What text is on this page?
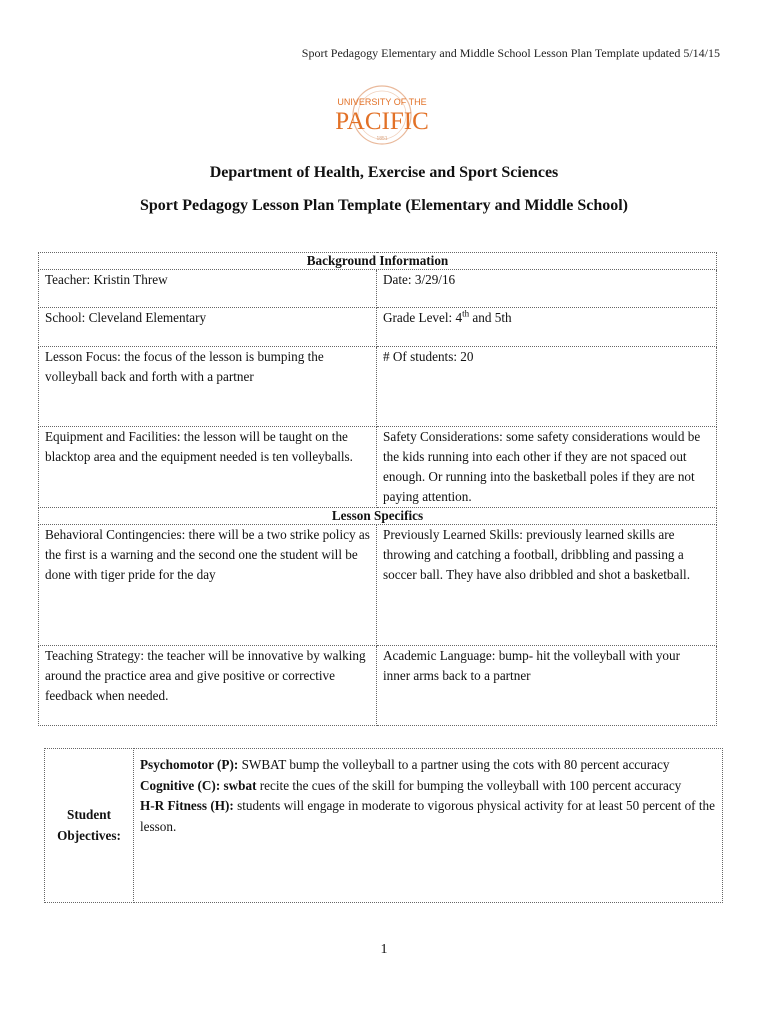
Sport Pedagogy Elementary and Middle School Lesson Plan Template updated 5/14/15
UNIVERSITY OF THE
PACIFIC
1851
Department of Health, Exercise and Sport Sciences
Sport Pedagogy Lesson Plan Template (Elementary and Middle School)
Background Information	
Teacher: Kristin Threw	Date: 3/29/16
School: Cleveland Elementary	Grade Level: 4th and 5th
Lesson Focus: the focus of the lesson is bumping the volleyball back and forth with a partner	# Of students: 20
Equipment and Facilities: the lesson will be taught on the blacktop area and the equipment needed is ten volleyballs.	Safety Considerations: some safety considerations would be the kids running into each other if they are not spaced out enough. Or running into the basketball poles if they are not paying attention.
Lesson Specifics	
Behavioral Contingencies: there will be a two strike policy as the first is a warning and the second one the student will be done with tiger pride for the day	Previously Learned Skills: previously learned skills are throwing and catching a football, dribbling and passing a soccer ball. They have also dribbled and shot a basketball.
Teaching Strategy: the teacher will be innovative by walking around the practice area and give positive or corrective feedback when needed.	Academic Language: bump- hit the volleyball with your inner arms back to a partner
Student
Objectives:

Psychomotor (P): SWBAT bump the volleyball to a partner using the cots with 80 percent accuracy
Cognitive (C): swbat recite the cues of the skill for bumping the volleyball with 100 percent accuracy
H-R Fitness (H): students will engage in moderate to vigorous physical activity for at least 50 percent of the lesson.
1
